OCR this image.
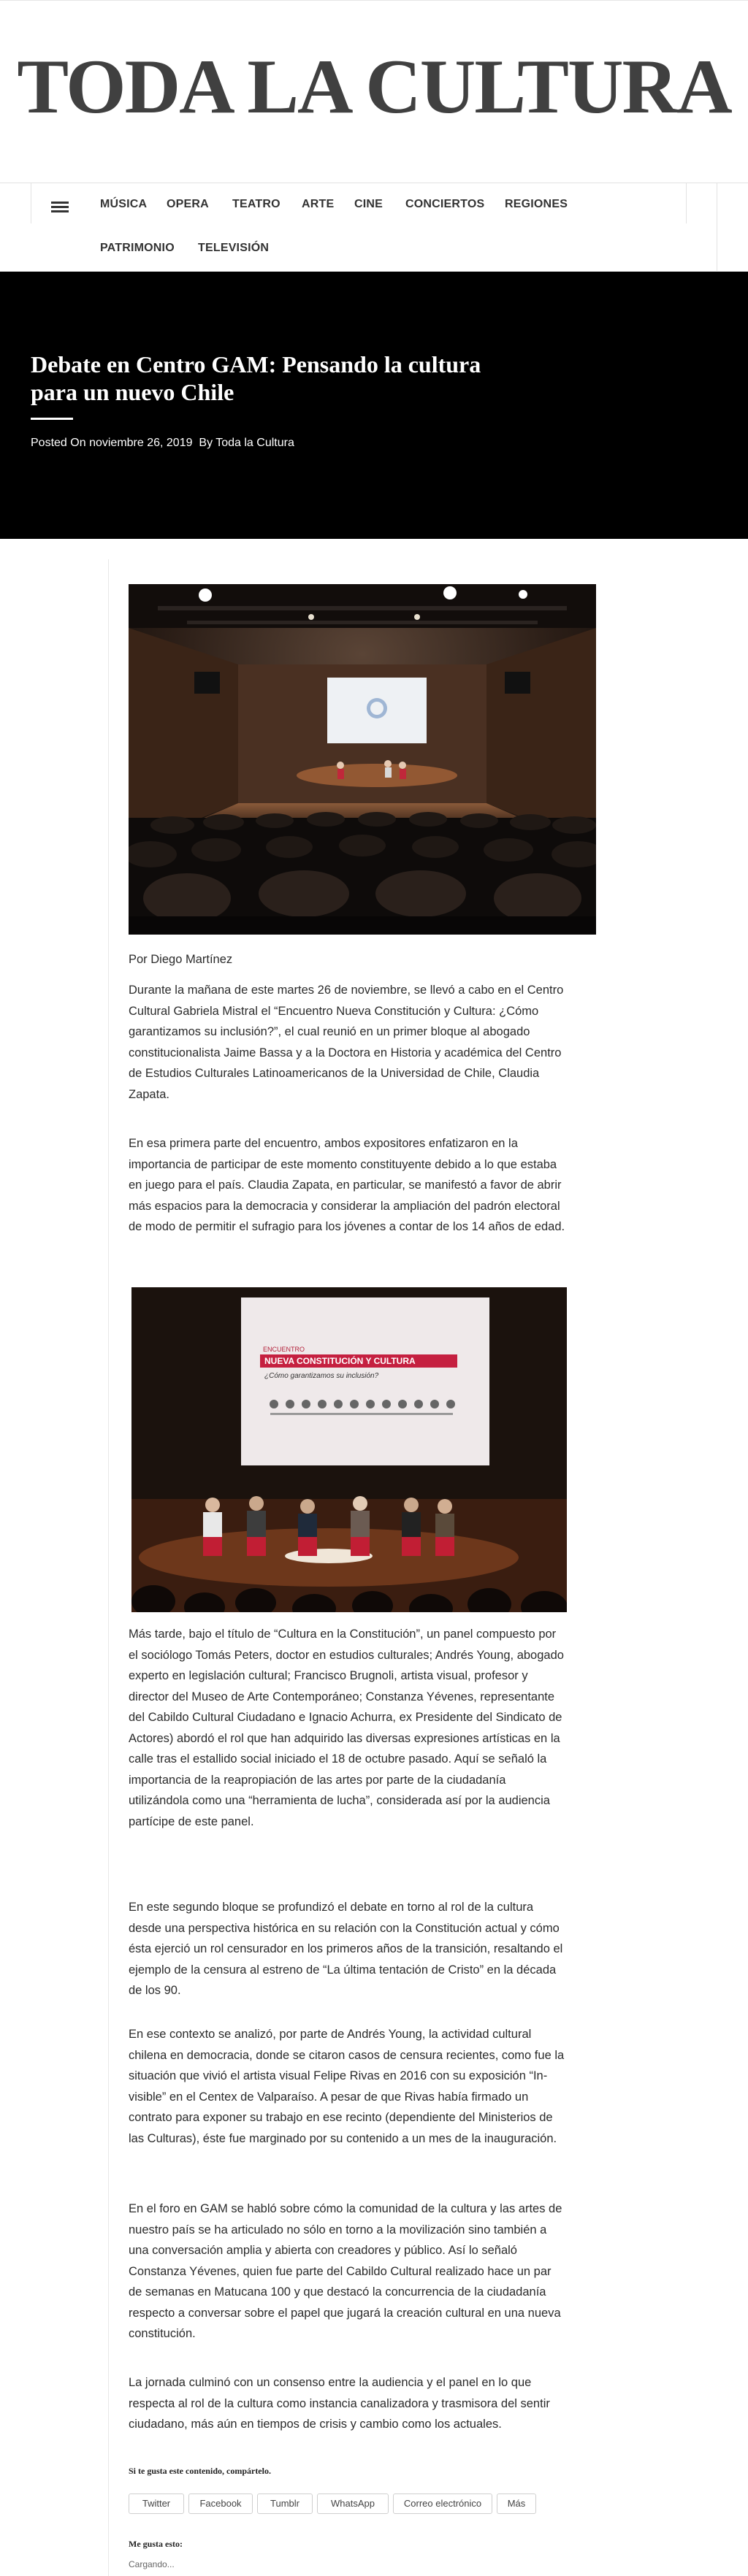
TODA LA CULTURA
MÚSICA OPERA TEATRO ARTE CINE CONCIERTOS REGIONES
PATRIMONIO TELEVISIÓN
Debate en Centro GAM: Pensando la cultura para un nuevo Chile
Posted On noviembre 26, 2019 By Toda la Cultura
Por Diego Martínez

Durante la mañana de este martes 26 de noviembre, se llevó a cabo en el Centro Cultural Gabriela Mistral el “Encuentro Nueva Constitución y Cultura: ¿Cómo garantizamos su inclusión?”, el cual reunió en un primer bloque al abogado constitucionalista Jaime Bassa y a la Doctora en Historia y académica del Centro de Estudios Culturales Latinoamericanos de la Universidad de Chile, Claudia Zapata.

En esa primera parte del encuentro, ambos expositores enfatizaron en la importancia de participar de este momento constituyente debido a lo que estaba en juego para el país. Claudia Zapata, en particular, se manifestó a favor de abrir más espacios para la democracia y considerar la ampliación del padrón electoral de modo de permitir el sufragio para los jóvenes a contar de los 14 años de edad.

ENCUENTRO
NUEVA CONSTITUCIÓN Y CULTURA
¿Cómo garantizamos su inclusión?

Más tarde, bajo el título de “Cultura en la Constitución”, un panel compuesto por el sociólogo Tomás Peters, doctor en estudios culturales; Andrés Young, abogado experto en legislación cultural; Francisco Brugnoli, artista visual, profesor y director del Museo de Arte Contemporáneo; Constanza Yévenes, representante del Cabildo Cultural Ciudadano e Ignacio Achurra, ex Presidente del Sindicato de Actores) abordó el rol que han adquirido las diversas expresiones artísticas en la calle tras el estallido social iniciado el 18 de octubre pasado. Aquí se señaló la importancia de la reapropiación de las artes por parte de la ciudadanía utilizándola como una “herramienta de lucha”, considerada así por la audiencia partícipe de este panel.

En este segundo bloque se profundizó el debate en torno al rol de la cultura desde una perspectiva histórica en su relación con la Constitución actual y cómo ésta ejerció un rol censurador en los primeros años de la transición, resaltando el ejemplo de la censura al estreno de “La última tentación de Cristo” en la década de los 90.

En ese contexto se analizó, por parte de Andrés Young, la actividad cultural chilena en democracia, donde se citaron casos de censura recientes, como fue la situación que vivió el artista visual Felipe Rivas en 2016 con su exposición “In-visible” en el Centex de Valparaíso. A pesar de que Rivas había firmado un contrato para exponer su trabajo en ese recinto (dependiente del Ministerios de las Culturas), éste fue marginado por su contenido a un mes de la inauguración.

En el foro en GAM se habló sobre cómo la comunidad de la cultura y las artes de nuestro país se ha articulado no sólo en torno a la movilización sino también a una conversación amplia y abierta con creadores y público. Así lo señaló Constanza Yévenes, quien fue parte del Cabildo Cultural realizado hace un par de semanas en Matucana 100 y que destacó la concurrencia de la ciudadanía respecto a conversar sobre el papel que jugará la creación cultural en una nueva constitución.

La jornada culminó con un consenso entre la audiencia y el panel en lo que respecta al rol de la cultura como instancia canalizadora y trasmisora del sentir ciudadano, más aún en tiempos de crisis y cambio como los actuales.

Si te gusta este contenido, compártelo.
Twitter	Facebook	Tumblr	WhatsApp	Correo electrónico	Más
Me gusta esto:
Cargando...
